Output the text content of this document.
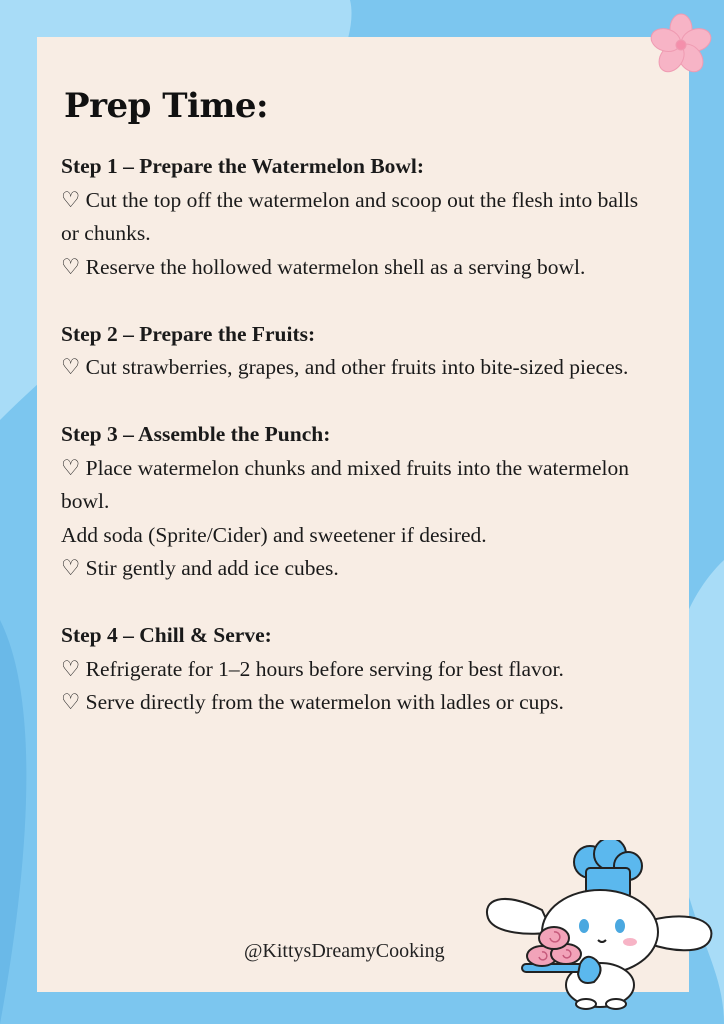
Prep Time:
Step 1 – Prepare the Watermelon Bowl:
♡ Cut the top off the watermelon and scoop out the flesh into balls or chunks.
♡ Reserve the hollowed watermelon shell as a serving bowl.
Step 2 – Prepare the Fruits:
♡ Cut strawberries, grapes, and other fruits into bite-sized pieces.
Step 3 – Assemble the Punch:
♡ Place watermelon chunks and mixed fruits into the watermelon bowl.
Add soda (Sprite/Cider) and sweetener if desired.
♡ Stir gently and add ice cubes.
Step 4 – Chill & Serve:
♡ Refrigerate for 1–2 hours before serving for best flavor.
♡ Serve directly from the watermelon with ladles or cups.
@KittysDreamyCooking
